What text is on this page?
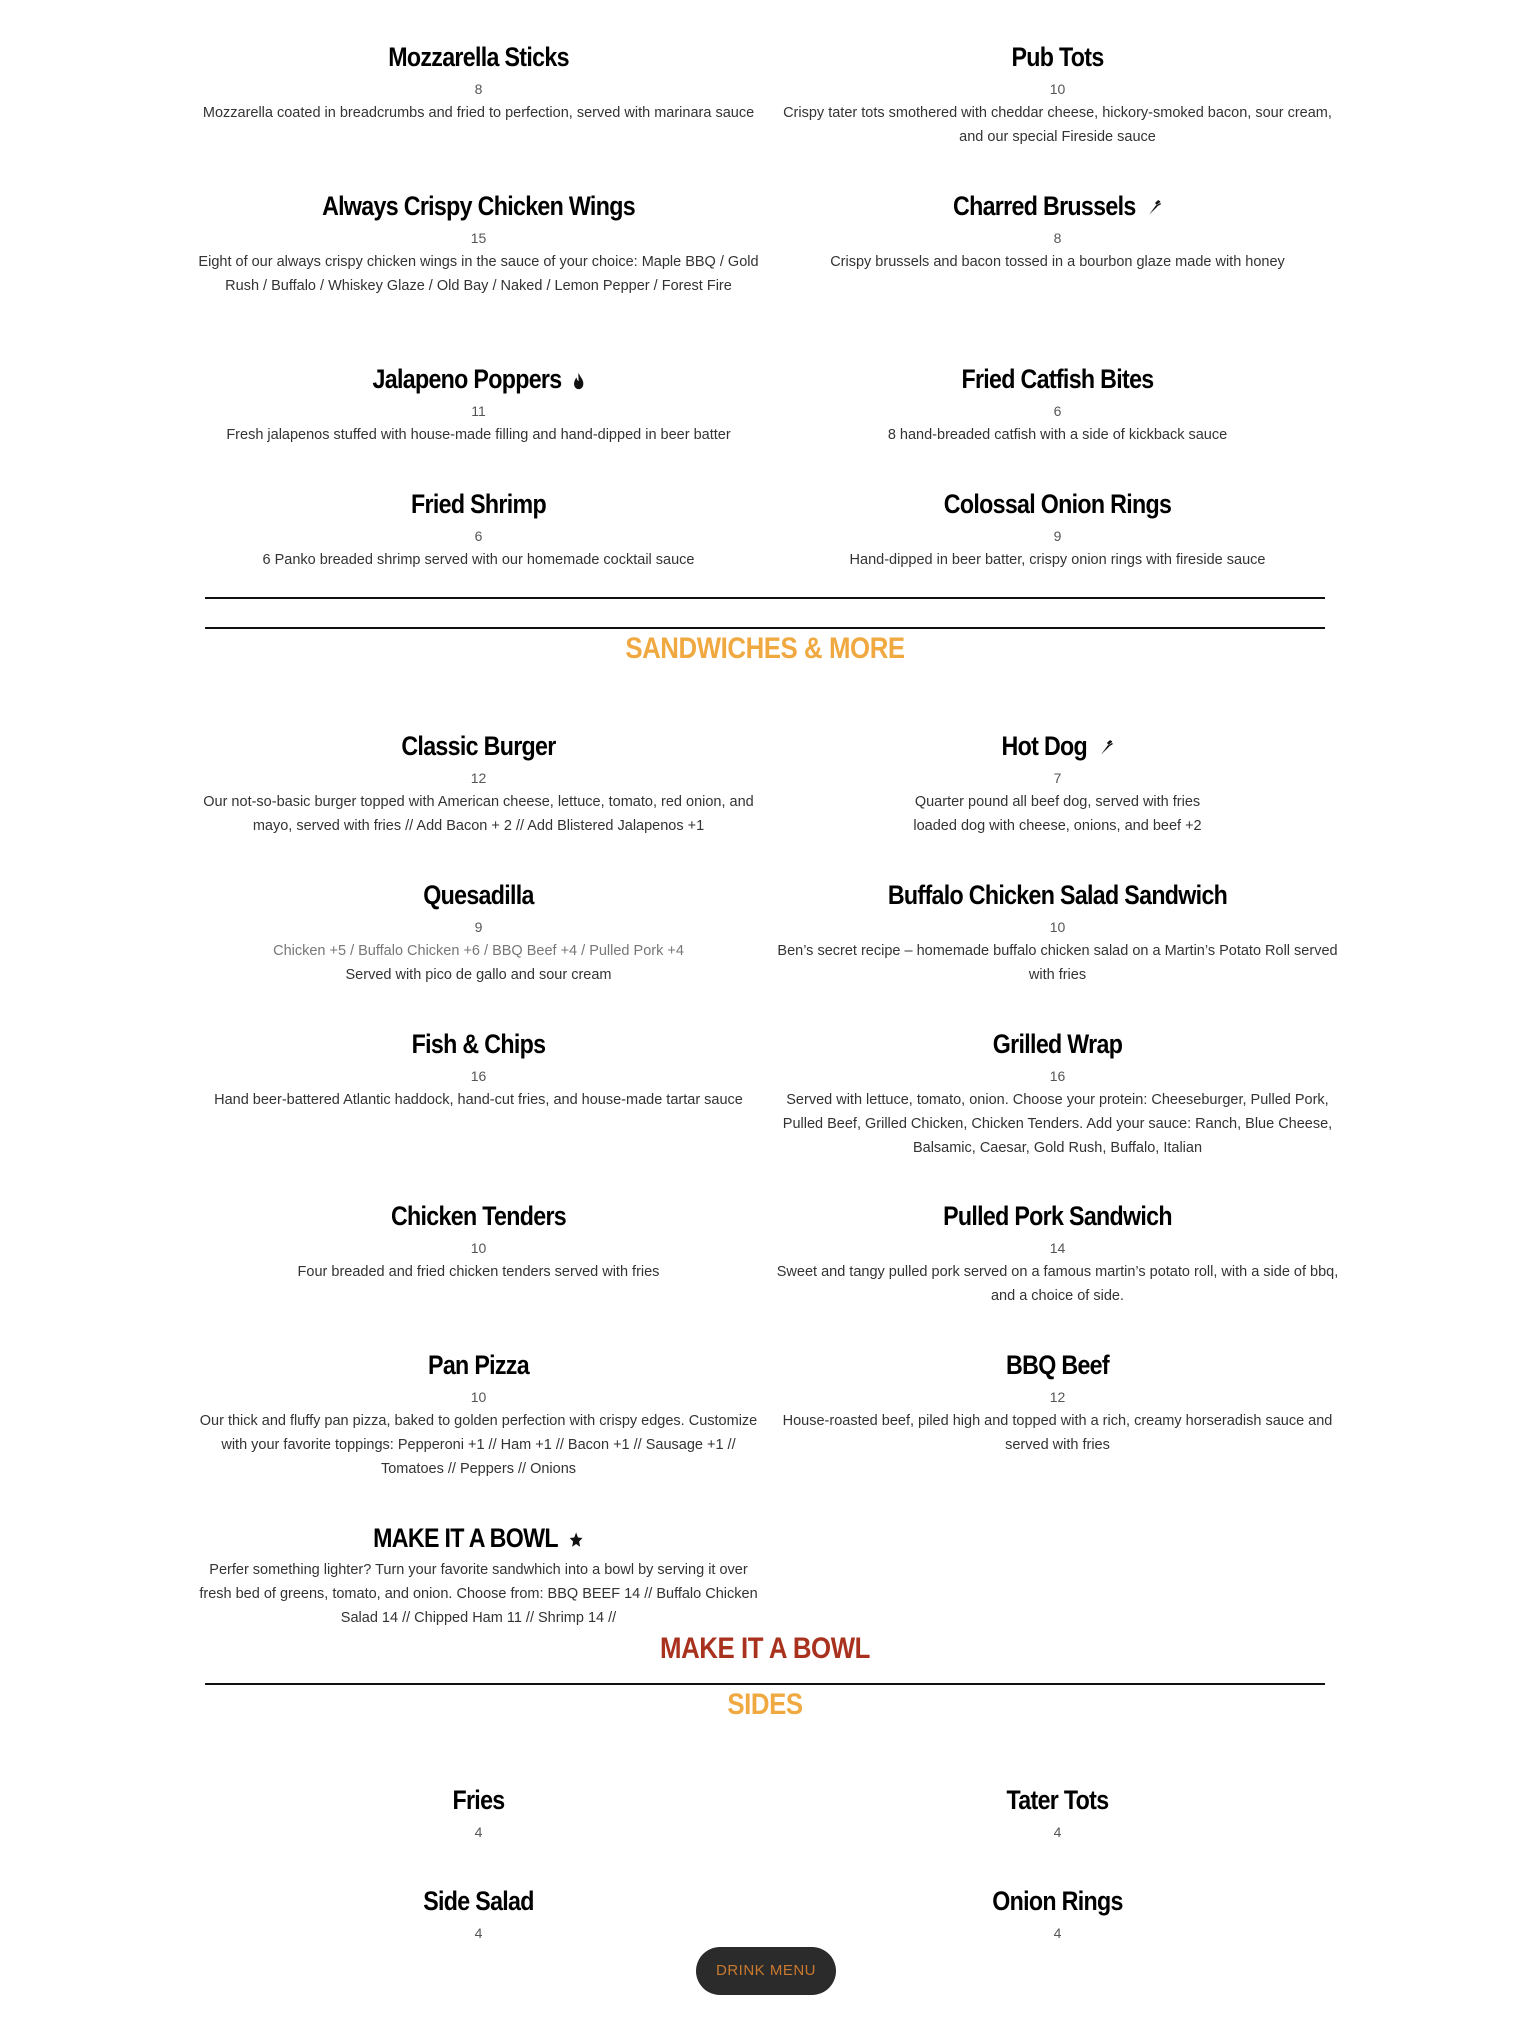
Mozzarella Sticks
8
Mozzarella coated in breadcrumbs and fried to perfection, served with marinara sauce
Pub Tots
10
Crispy tater tots smothered with cheddar cheese, hickory-smoked bacon, sour cream, and our special Fireside sauce
Always Crispy Chicken Wings
15
Eight of our always crispy chicken wings in the sauce of your choice: Maple BBQ / Gold Rush / Buffalo / Whiskey Glaze / Old Bay / Naked / Lemon Pepper / Forest Fire
Charred Brussels
8
Crispy brussels and bacon tossed in a bourbon glaze made with honey
Jalapeno Poppers
11
Fresh jalapenos stuffed with house-made filling and hand-dipped in beer batter
Fried Catfish Bites
6
8 hand-breaded catfish with a side of kickback sauce
Fried Shrimp
6
6 Panko breaded shrimp served with our homemade cocktail sauce
Colossal Onion Rings
9
Hand-dipped in beer batter, crispy onion rings with fireside sauce
SANDWICHES & MORE
Classic Burger
12
Our not-so-basic burger topped with American cheese, lettuce, tomato, red onion, and mayo, served with fries // Add Bacon + 2 // Add Blistered Jalapenos +1
Hot Dog
7
Quarter pound all beef dog, served with fries
loaded dog with cheese, onions, and beef +2
Quesadilla
9
Chicken +5 / Buffalo Chicken +6 / BBQ Beef +4 / Pulled Pork +4
Served with pico de gallo and sour cream
Buffalo Chicken Salad Sandwich
10
Ben’s secret recipe – homemade buffalo chicken salad on a Martin’s Potato Roll served with fries
Fish & Chips
16
Hand beer-battered Atlantic haddock, hand-cut fries, and house-made tartar sauce
Grilled Wrap
16
Served with lettuce, tomato, onion. Choose your protein: Cheeseburger, Pulled Pork, Pulled Beef, Grilled Chicken, Chicken Tenders. Add your sauce: Ranch, Blue Cheese, Balsamic, Caesar, Gold Rush, Buffalo, Italian
Chicken Tenders
10
Four breaded and fried chicken tenders served with fries
Pulled Pork Sandwich
14
Sweet and tangy pulled pork served on a famous martin’s potato roll, with a side of bbq, and a choice of side.
Pan Pizza
10
Our thick and fluffy pan pizza, baked to golden perfection with crispy edges. Customize with your favorite toppings: Pepperoni +1 // Ham +1 // Bacon +1 // Sausage +1 // Tomatoes // Peppers // Onions
BBQ Beef
12
House-roasted beef, piled high and topped with a rich, creamy horseradish sauce and served with fries
MAKE IT A BOWL
Perfer something lighter? Turn your favorite sandwhich into a bowl by serving it over fresh bed of greens, tomato, and onion. Choose from: BBQ BEEF 14 // Buffalo Chicken Salad 14 // Chipped Ham 11 // Shrimp 14 //
MAKE IT A BOWL
SIDES
Fries
4
Tater Tots
4
Side Salad
4
Onion Rings
4
DRINK MENU
